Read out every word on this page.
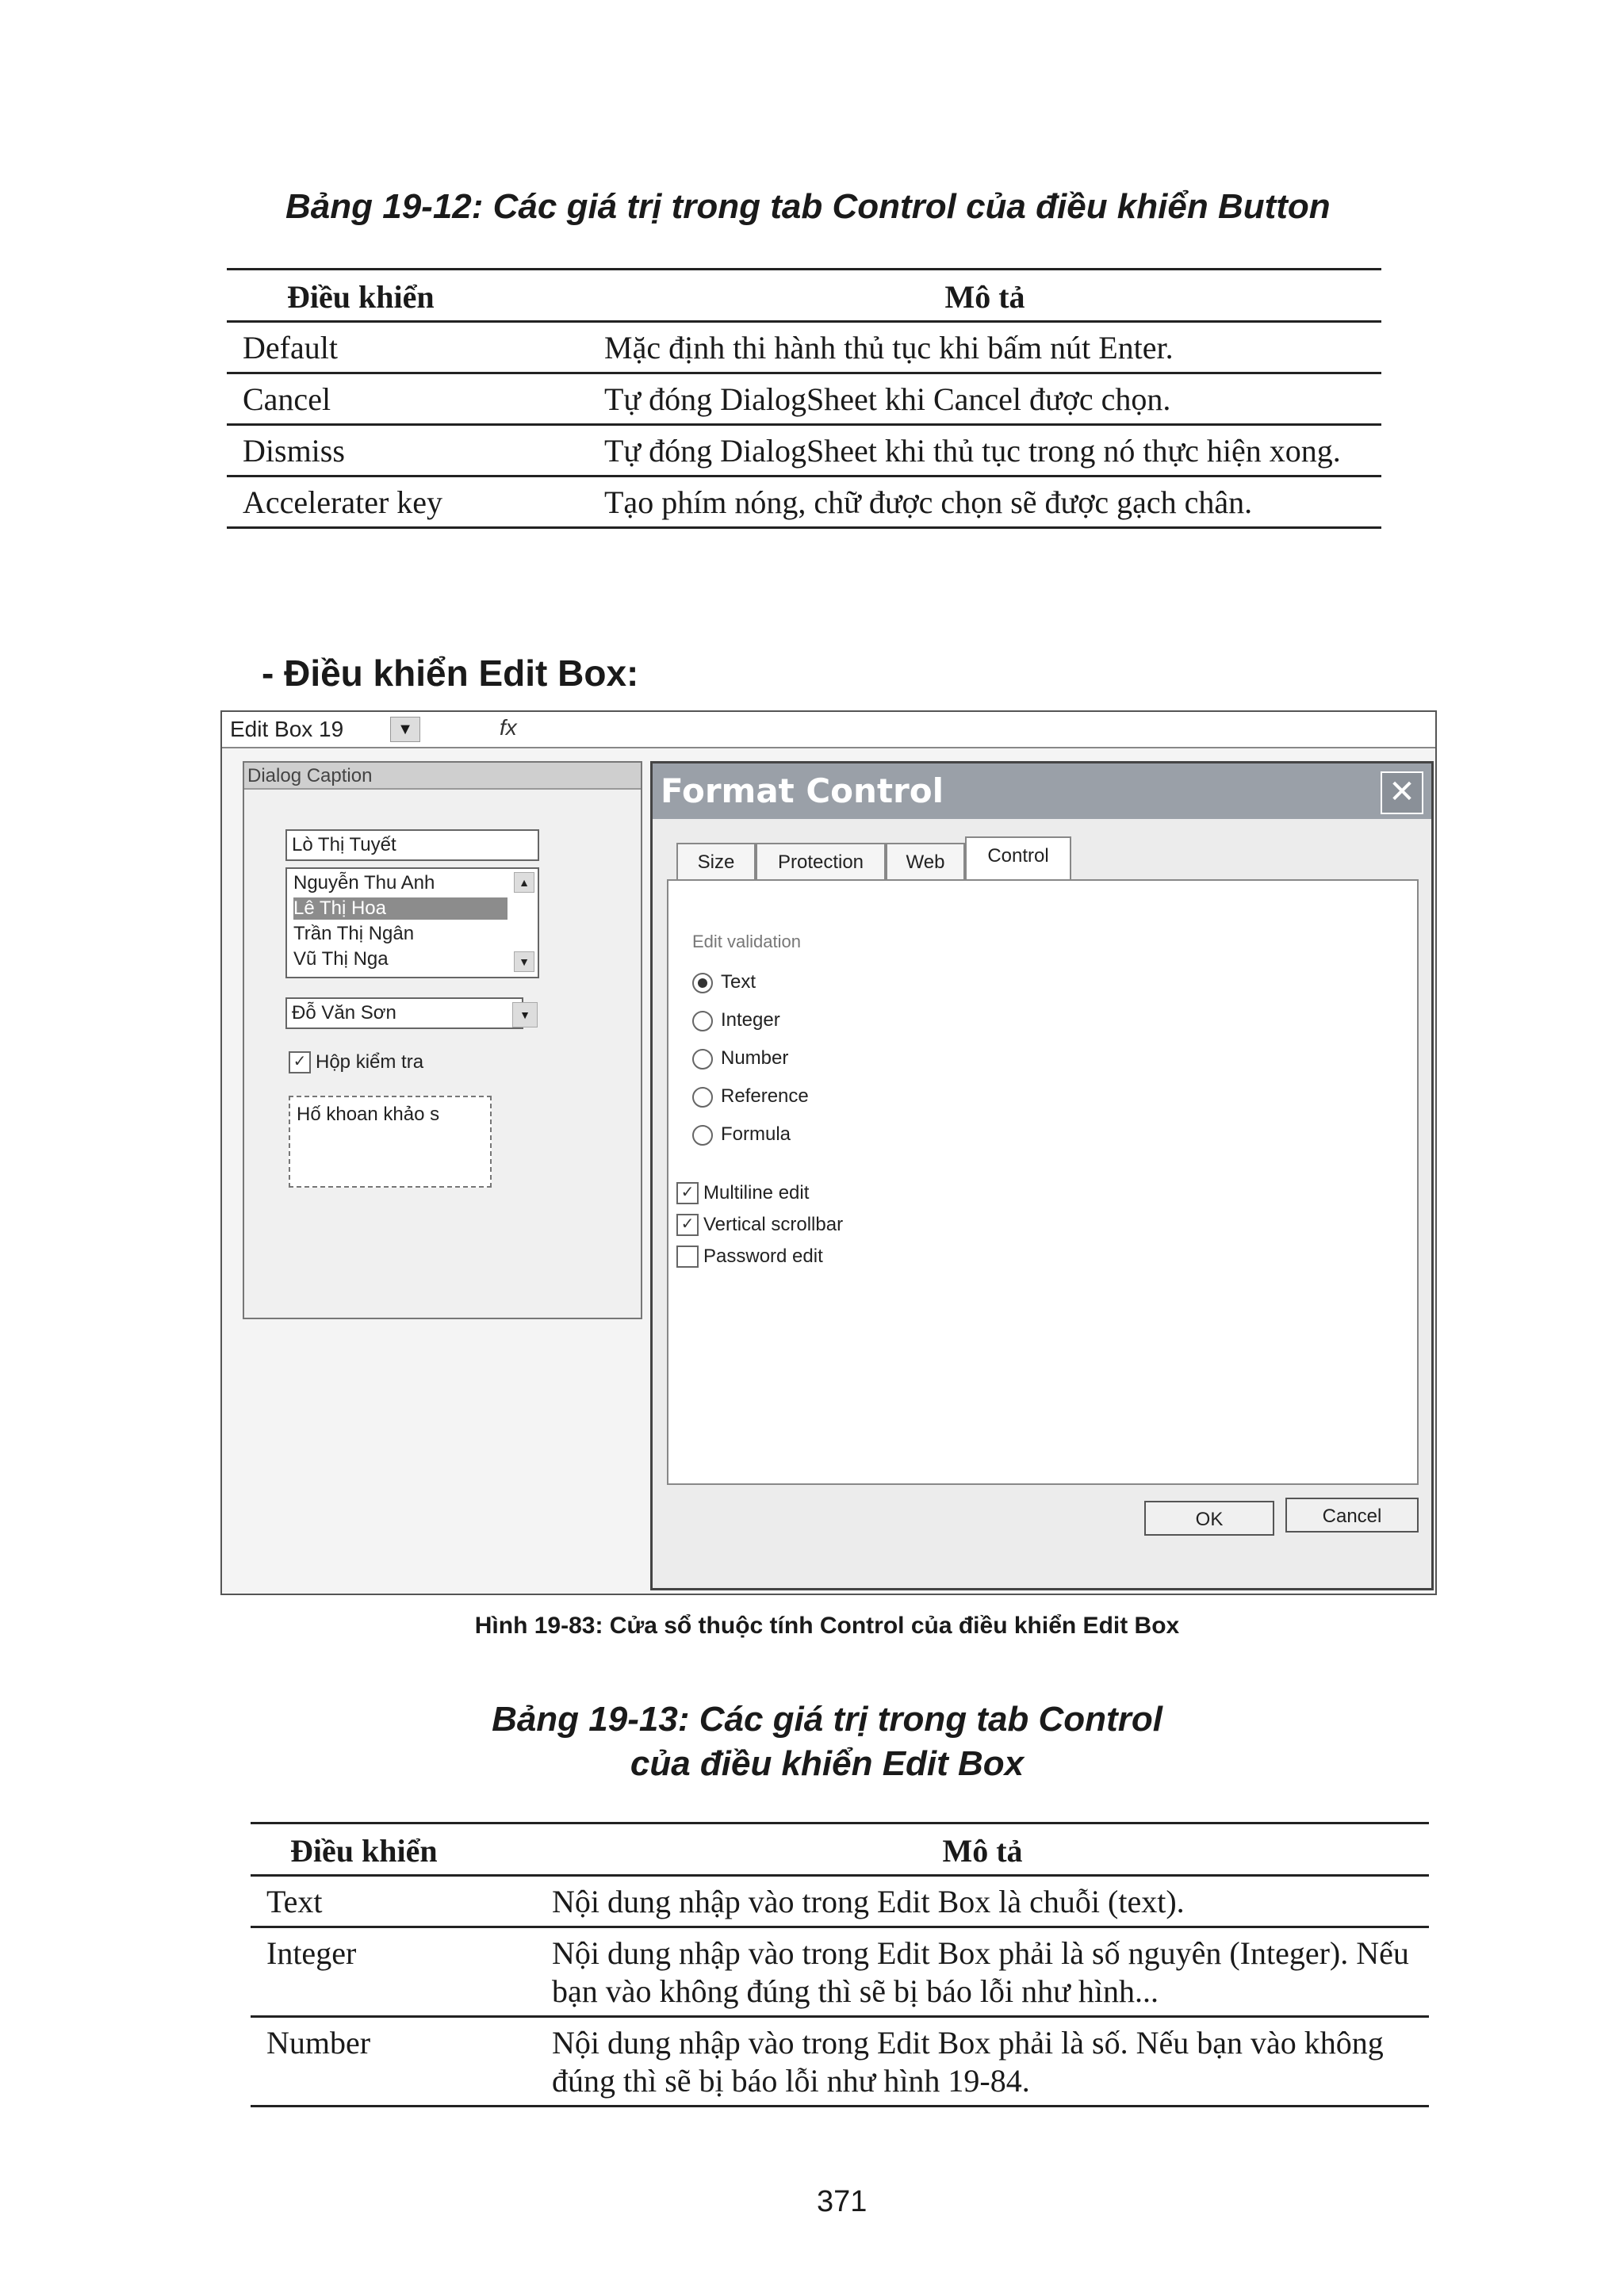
Bảng 19-12: Các giá trị trong tab Control của điều khiển Button
Điều khiển	Mô tả
Default	Mặc định thi hành thủ tục khi bấm nút Enter.
Cancel	Tự đóng DialogSheet khi Cancel được chọn.
Dismiss	Tự đóng DialogSheet khi thủ tục trong nó thực hiện xong.
Accelerater key	Tạo phím nóng, chữ được chọn sẽ được gạch chân.
- Điều khiển Edit Box:
Edit Box 19	▼	fx
Dialog Caption
Lò Thị Tuyết
Nguyễn Thu Anh
Lê Thị Hoa
Trần Thị Ngân
Vũ Thị Nga
▲
▼
Đỗ Văn Sơn	▼
✓ Hộp kiểm tra
Hố khoan khảo s
Format Control	✕
Size	Protection	Web	Control
Edit validation
Text
Integer
Number
Reference
Formula
✓ Multiline edit
✓ Vertical scrollbar
Password edit
OK	Cancel
Hình 19-83: Cửa sổ thuộc tính Control của điều khiển Edit Box
Bảng 19-13: Các giá trị trong tab Control
của điều khiển Edit Box
Điều khiển	Mô tả
Text	Nội dung nhập vào trong Edit Box là chuỗi (text).
Integer	Nội dung nhập vào trong Edit Box phải là số nguyên (Integer). Nếu bạn vào không đúng thì sẽ bị báo lỗi như hình...
Number	Nội dung nhập vào trong Edit Box phải là số. Nếu bạn vào không đúng thì sẽ bị báo lỗi như hình 19-84.
371
